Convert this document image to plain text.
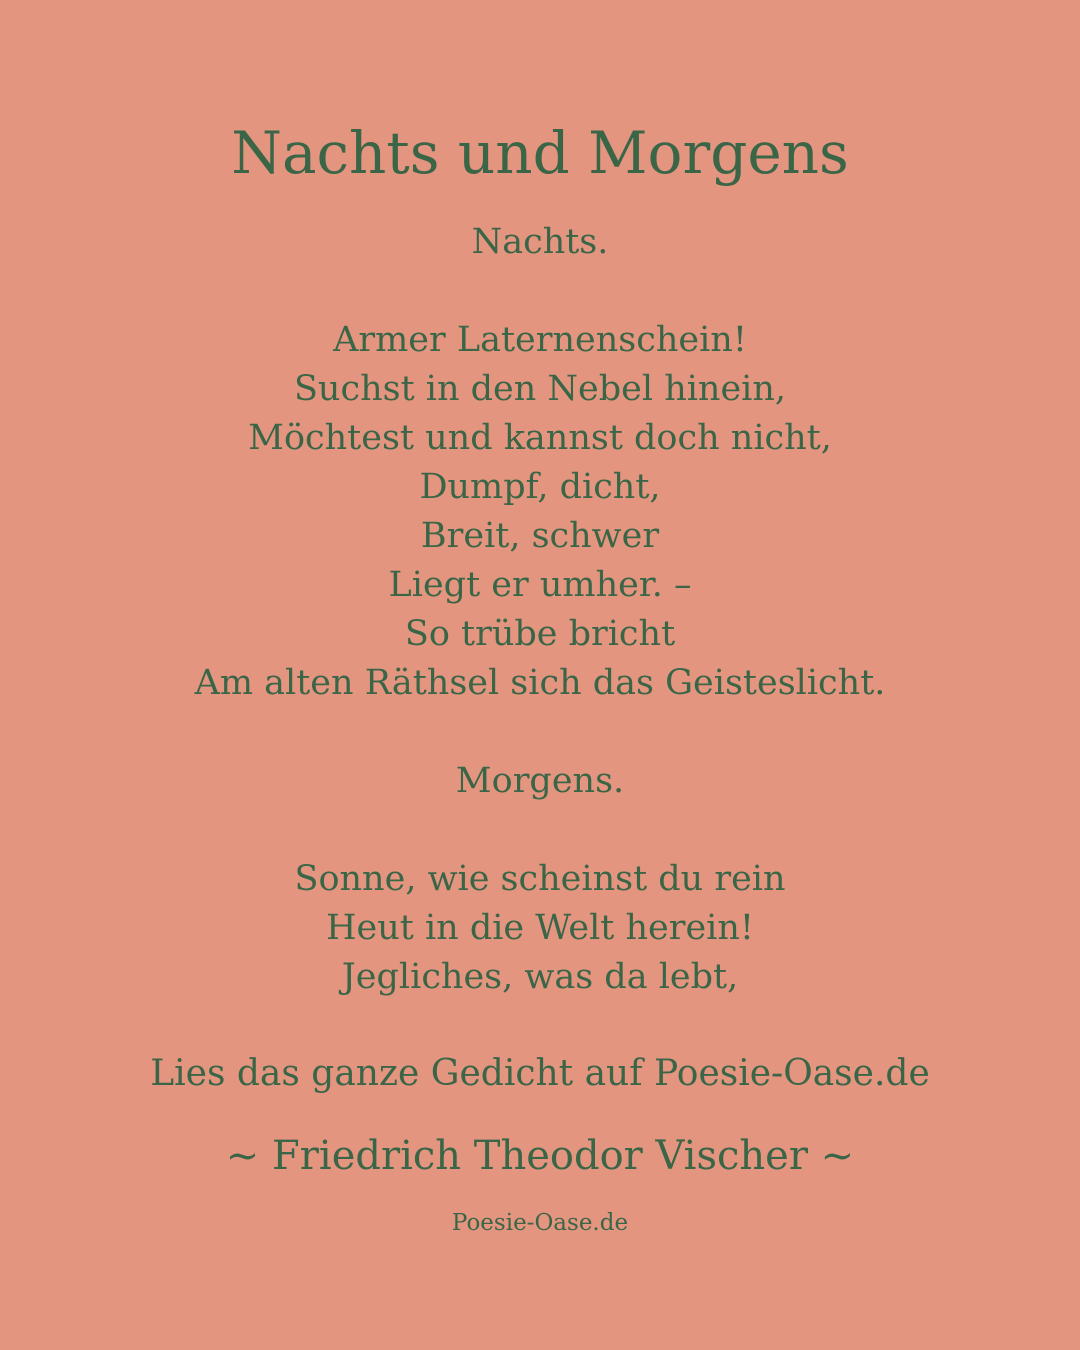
Nachts und Morgens
Nachts.
Armer Laternenschein!
Suchst in den Nebel hinein,
Möchtest und kannst doch nicht,
Dumpf, dicht,
Breit, schwer
Liegt er umher. –
So trübe bricht
Am alten Räthsel sich das Geisteslicht.
Morgens.
Sonne, wie scheinst du rein
Heut in die Welt herein!
Jegliches, was da lebt,
Lies das ganze Gedicht auf Poesie-Oase.de
~ Friedrich Theodor Vischer ~
Poesie-Oase.de
